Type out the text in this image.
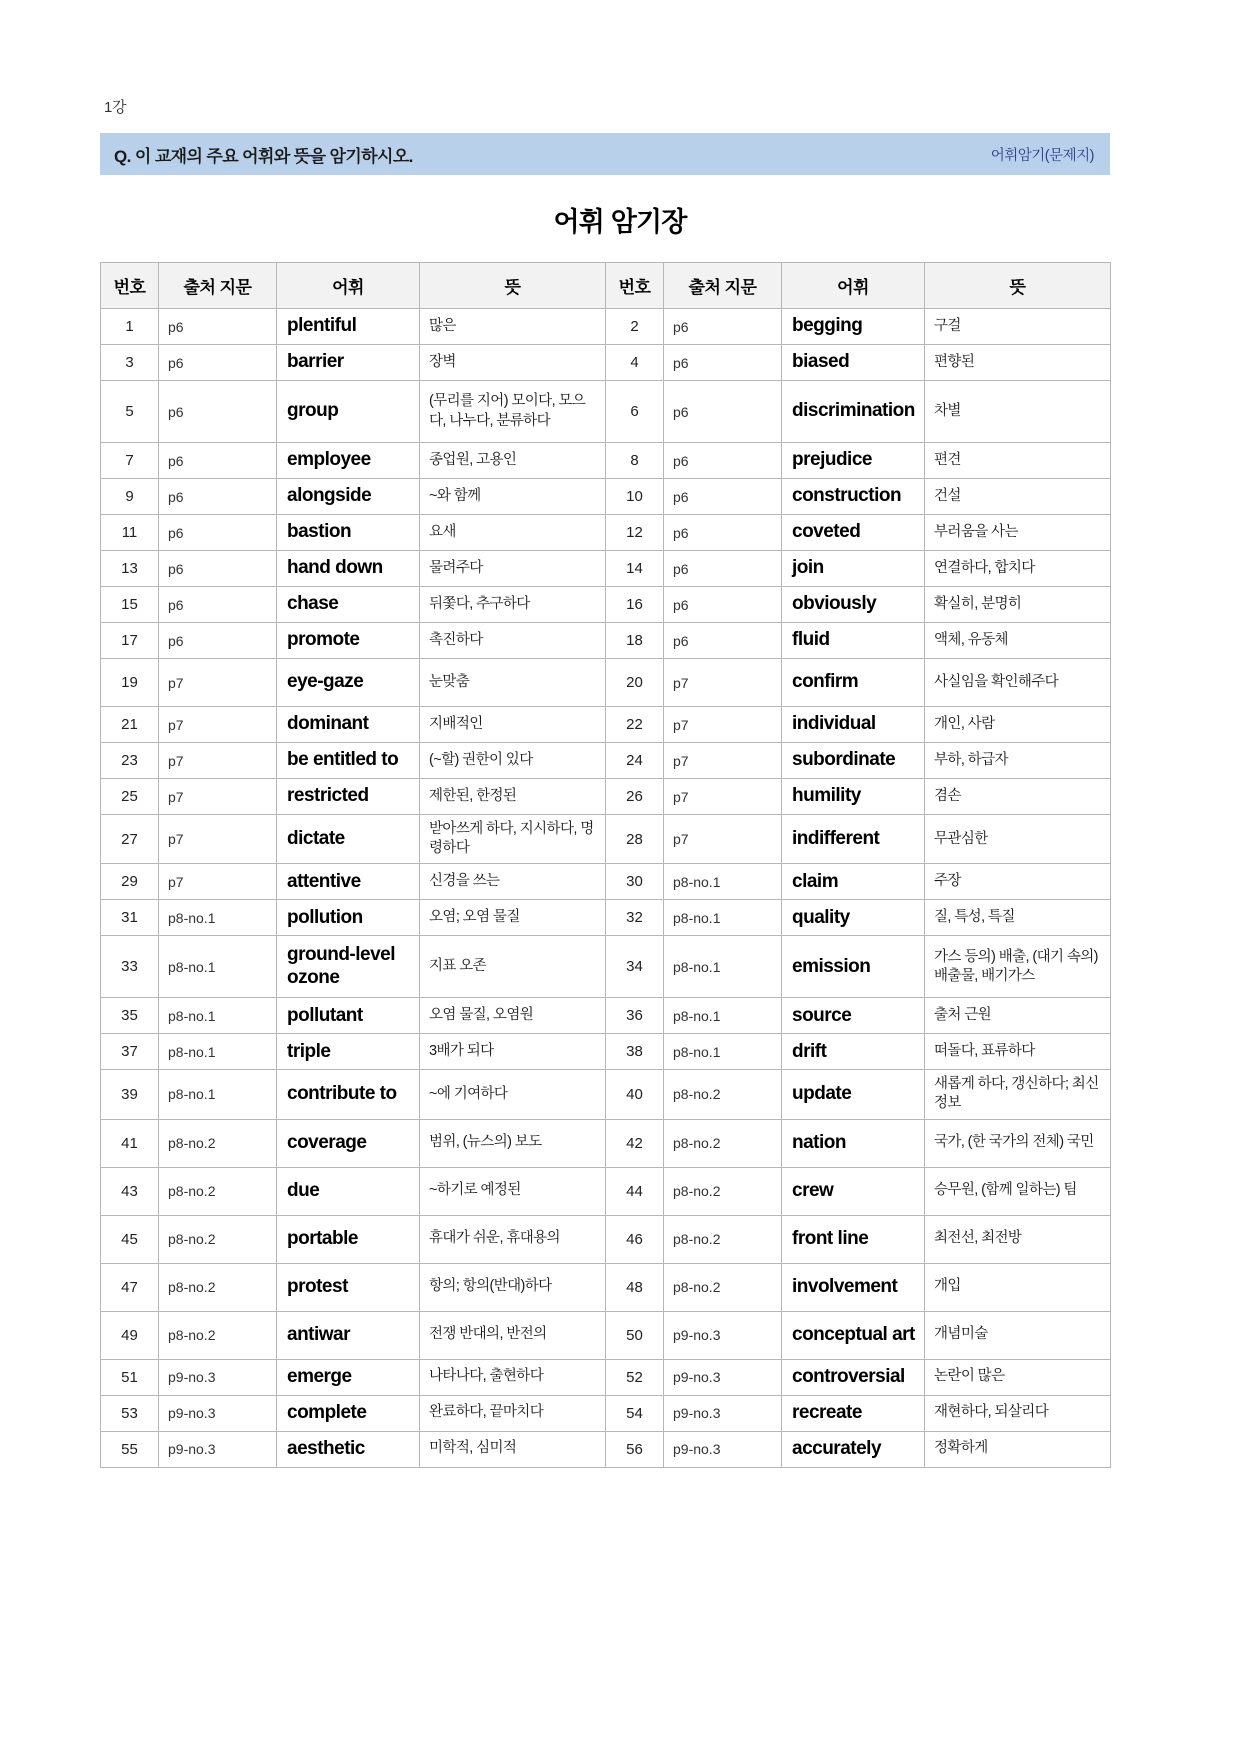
1강
Q. 이 교재의 주요 어휘와 뜻을 암기하시오.	어휘암기(문제지)
어휘 암기장
번호	출처 지문	어휘	뜻	번호	출처 지문	어휘	뜻
1	p6	plentiful	많은	2	p6	begging	구걸
3	p6	barrier	장벽	4	p6	biased	편향된
5	p6	group	(무리를 지어) 모이다, 모으다, 나누다, 분류하다	6	p6	discrimination	차별
7	p6	employee	종업원, 고용인	8	p6	prejudice	편견
9	p6	alongside	~와 함께	10	p6	construction	건설
11	p6	bastion	요새	12	p6	coveted	부러움을 사는
13	p6	hand down	물려주다	14	p6	join	연결하다, 합치다
15	p6	chase	뒤쫓다, 추구하다	16	p6	obviously	확실히, 분명히
17	p6	promote	촉진하다	18	p6	fluid	액체, 유동체
19	p7	eye-gaze	눈맞춤	20	p7	confirm	사실임을 확인해주다
21	p7	dominant	지배적인	22	p7	individual	개인, 사람
23	p7	be entitled to	(~할) 권한이 있다	24	p7	subordinate	부하, 하급자
25	p7	restricted	제한된, 한정된	26	p7	humility	겸손
27	p7	dictate	받아쓰게 하다, 지시하다, 명령하다	28	p7	indifferent	무관심한
29	p7	attentive	신경을 쓰는	30	p8-no.1	claim	주장
31	p8-no.1	pollution	오염; 오염 물질	32	p8-no.1	quality	질, 특성, 특질
33	p8-no.1	ground-level ozone	지표 오존	34	p8-no.1	emission	가스 등의) 배출, (대기 속의) 배출물, 배기가스
35	p8-no.1	pollutant	오염 물질, 오염원	36	p8-no.1	source	출처 근원
37	p8-no.1	triple	3배가 되다	38	p8-no.1	drift	떠돌다, 표류하다
39	p8-no.1	contribute to	~에 기여하다	40	p8-no.2	update	새롭게 하다, 갱신하다; 최신 정보
41	p8-no.2	coverage	범위, (뉴스의) 보도	42	p8-no.2	nation	국가, (한 국가의 전체) 국민
43	p8-no.2	due	~하기로 예정된	44	p8-no.2	crew	승무원, (함께 일하는) 팀
45	p8-no.2	portable	휴대가 쉬운, 휴대용의	46	p8-no.2	front line	최전선, 최전방
47	p8-no.2	protest	항의; 항의(반대)하다	48	p8-no.2	involvement	개입
49	p8-no.2	antiwar	전쟁 반대의, 반전의	50	p9-no.3	conceptual art	개념미술
51	p9-no.3	emerge	나타나다, 출현하다	52	p9-no.3	controversial	논란이 많은
53	p9-no.3	complete	완료하다, 끝마치다	54	p9-no.3	recreate	재현하다, 되살리다
55	p9-no.3	aesthetic	미학적, 심미적	56	p9-no.3	accurately	정확하게
